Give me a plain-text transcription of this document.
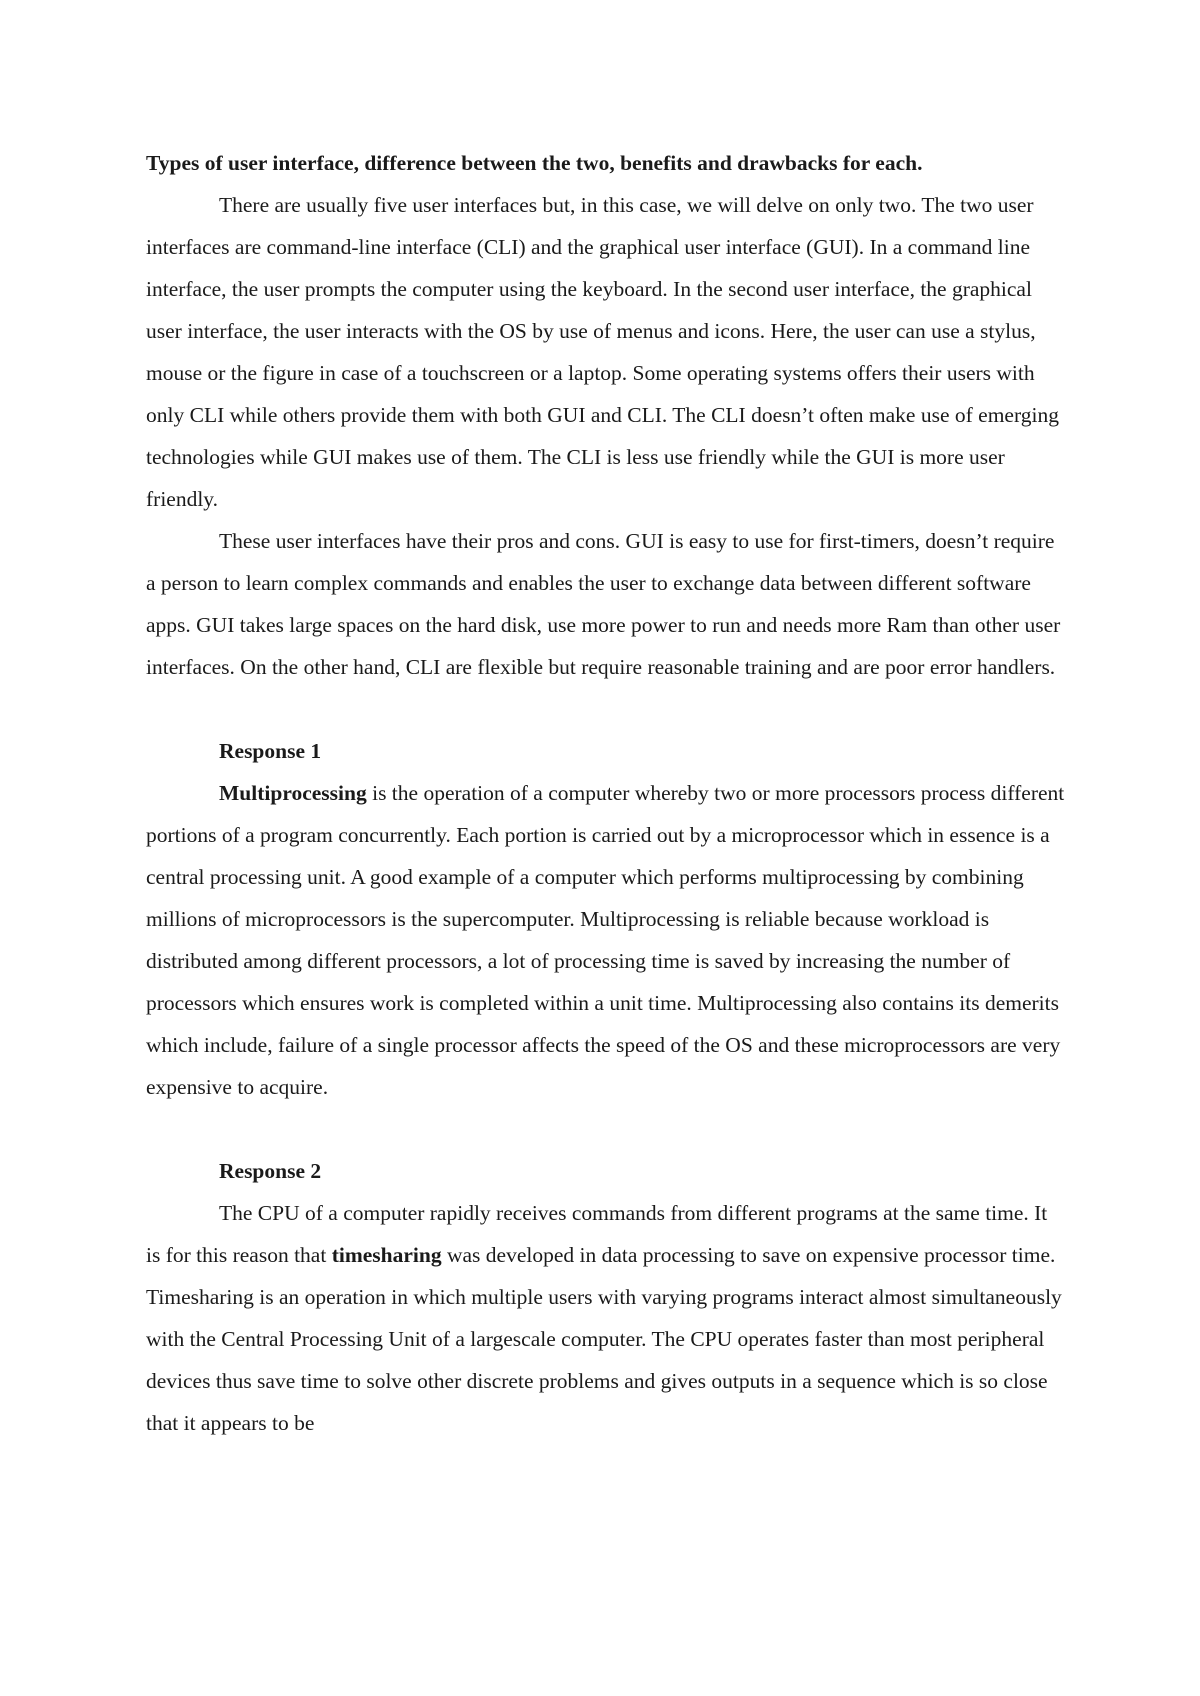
Types of user interface, difference between the two, benefits and drawbacks for each.

There are usually five user interfaces but, in this case, we will delve on only two. The two user interfaces are command-line interface (CLI) and the graphical user interface (GUI). In a command line interface, the user prompts the computer using the keyboard. In the second user interface, the graphical user interface, the user interacts with the OS by use of menus and icons. Here, the user can use a stylus, mouse or the figure in case of a touchscreen or a laptop. Some operating systems offers their users with only CLI while others provide them with both GUI and CLI. The CLI doesn’t often make use of emerging technologies while GUI makes use of them. The CLI is less use friendly while the GUI is more user friendly.

These user interfaces have their pros and cons. GUI is easy to use for first-timers, doesn’t require a person to learn complex commands and enables the user to exchange data between different software apps. GUI takes large spaces on the hard disk, use more power to run and needs more Ram than other user interfaces. On the other hand, CLI are flexible but require reasonable training and are poor error handlers.

Response 1

Multiprocessing is the operation of a computer whereby two or more processors process different portions of a program concurrently. Each portion is carried out by a microprocessor which in essence is a central processing unit. A good example of a computer which performs multiprocessing by combining millions of microprocessors is the supercomputer. Multiprocessing is reliable because workload is distributed among different processors, a lot of processing time is saved by increasing the number of processors which ensures work is completed within a unit time. Multiprocessing also contains its demerits which include, failure of a single processor affects the speed of the OS and these microprocessors are very expensive to acquire.

Response 2

The CPU of a computer rapidly receives commands from different programs at the same time. It is for this reason that timesharing was developed in data processing to save on expensive processor time. Timesharing is an operation in which multiple users with varying programs interact almost simultaneously with the Central Processing Unit of a largescale computer. The CPU operates faster than most peripheral devices thus save time to solve other discrete problems and gives outputs in a sequence which is so close that it appears to be
